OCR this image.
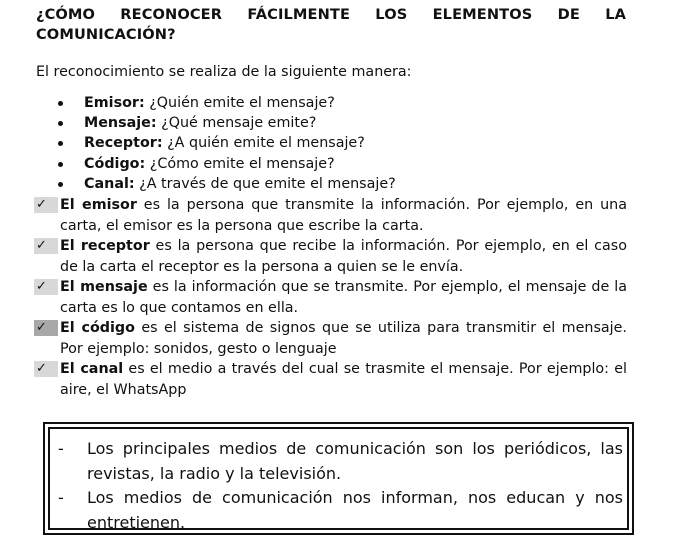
¿CÓMO RECONOCER FÁCILMENTE LOS ELEMENTOS DE LA COMUNICACIÓN?
El reconocimiento se realiza de la siguiente manera:
Emisor: ¿Quién emite el mensaje?
Mensaje: ¿Qué mensaje emite?
Receptor: ¿A quién emite el mensaje?
Código: ¿Cómo emite el mensaje?
Canal: ¿A través de que emite el mensaje?
✓ El emisor es la persona que transmite la información. Por ejemplo, en una carta, el emisor es la persona que escribe la carta.
✓ El receptor es la persona que recibe la información. Por ejemplo, en el caso de la carta el receptor es la persona a quien se le envía.
✓ El mensaje es la información que se transmite. Por ejemplo, el mensaje de la carta es lo que contamos en ella.
✓ El código es el sistema de signos que se utiliza para transmitir el mensaje. Por ejemplo: sonidos, gesto o lenguaje
✓ El canal es el medio a través del cual se trasmite el mensaje. Por ejemplo: el aire, el WhatsApp
-	Los principales medios de comunicación son los periódicos, las revistas, la radio y la televisión.
-	Los medios de comunicación nos informan, nos educan y nos entretienen.
